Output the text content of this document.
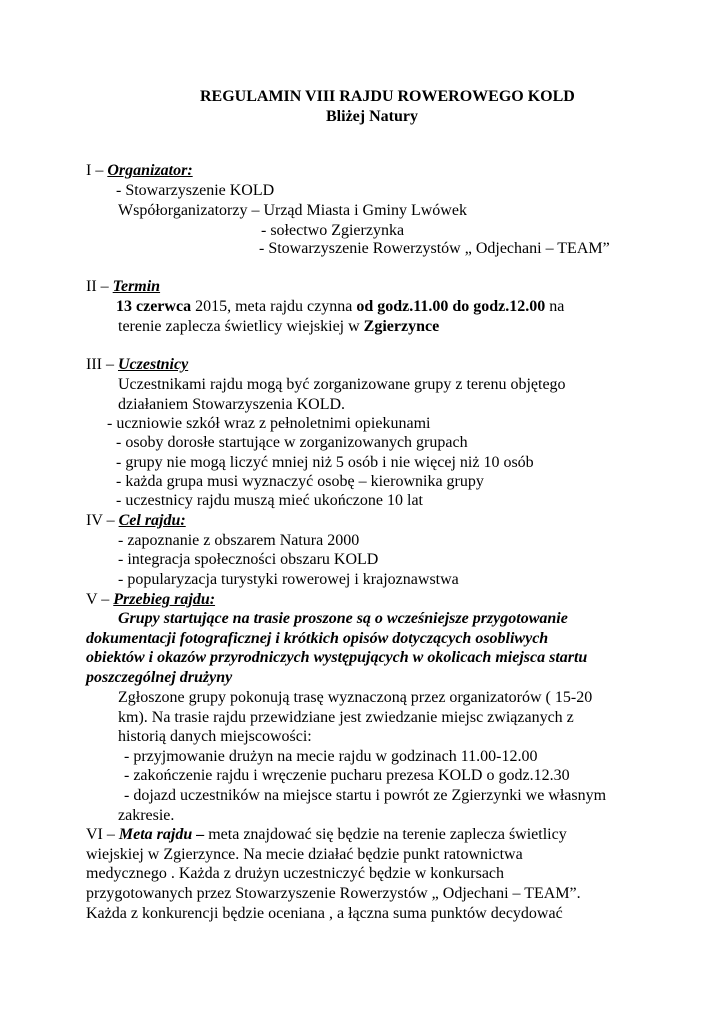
REGULAMIN VIII RAJDU ROWEROWEGO KOLD
Bliżej Natury
I – Organizator:
- Stowarzyszenie KOLD
Współorganizatorzy – Urząd Miasta i Gminy Lwówek
- sołectwo Zgierzynka
- Stowarzyszenie Rowerzystów „ Odjechani – TEAM”
II – Termin
13 czerwca 2015, meta rajdu czynna od godz.11.00 do godz.12.00 na
terenie zaplecza świetlicy wiejskiej w Zgierzynce
III – Uczestnicy
Uczestnikami rajdu mogą być zorganizowane grupy z terenu objętego
działaniem Stowarzyszenia KOLD.
- uczniowie szkół wraz z pełnoletnimi opiekunami
- osoby dorosłe startujące w zorganizowanych grupach
- grupy nie mogą liczyć mniej niż 5 osób i nie więcej niż 10 osób
- każda grupa musi wyznaczyć osobę – kierownika grupy
- uczestnicy rajdu muszą mieć ukończone 10 lat
IV – Cel rajdu:
- zapoznanie z obszarem Natura 2000
- integracja społeczności obszaru KOLD
- popularyzacja turystyki rowerowej i krajoznawstwa
V – Przebieg rajdu:
Grupy startujące na trasie proszone są o wcześniejsze przygotowanie
dokumentacji fotograficznej i krótkich opisów dotyczących osobliwych
obiektów i okazów przyrodniczych występujących w okolicach miejsca startu
poszczególnej drużyny
Zgłoszone grupy pokonują trasę wyznaczoną przez organizatorów ( 15-20
km). Na trasie rajdu przewidziane jest zwiedzanie miejsc związanych z
historią danych miejscowości:
- przyjmowanie drużyn na mecie rajdu w godzinach 11.00-12.00
- zakończenie rajdu i wręczenie pucharu prezesa KOLD o godz.12.30
- dojazd uczestników na miejsce startu i powrót ze Zgierzynki we własnym
zakresie.
VI – Meta rajdu – meta znajdować się będzie na terenie zaplecza świetlicy
wiejskiej w Zgierzynce. Na mecie działać będzie punkt ratownictwa
medycznego . Każda z drużyn uczestniczyć będzie w konkursach
przygotowanych przez Stowarzyszenie Rowerzystów „ Odjechani – TEAM”.
Każda z konkurencji będzie oceniana , a łączna suma punktów decydować
